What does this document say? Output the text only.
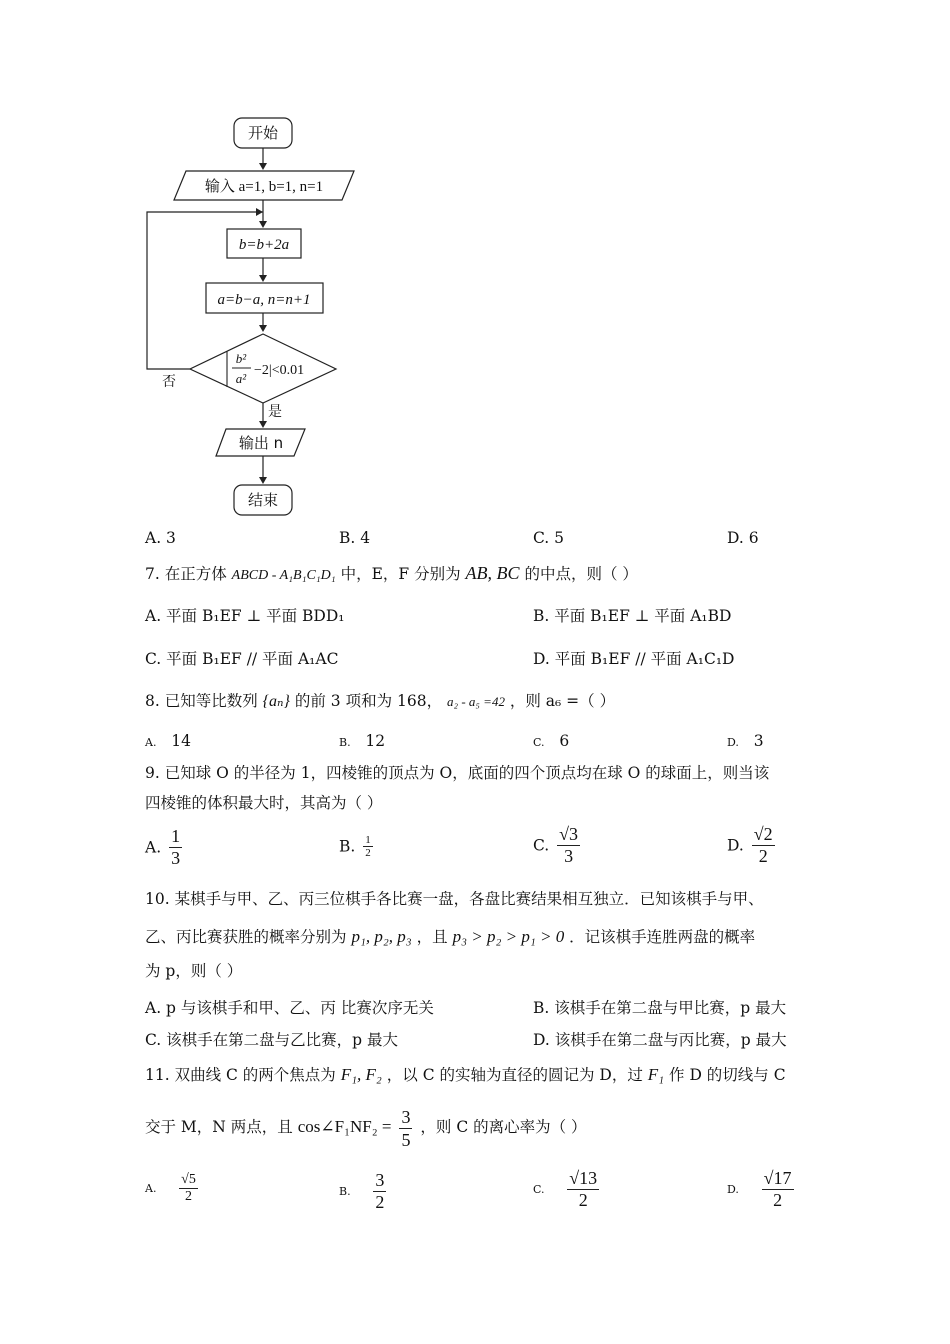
开始
输入 a=1, b=1, n=1
b=b+2a
a=b−a, n=n+1
b²
a²
−2|<0.01
否
是
输出 n
结束
A. 3	B. 4	C. 5	D. 6
7. 在正方体 ABCD - A₁B₁C₁D₁ 中，E，F 分别为 AB, BC 的中点，则（ ）
A. 平面 B₁EF ⊥ 平面 BDD₁	B. 平面 B₁EF ⊥ 平面 A₁BD
C. 平面 B₁EF // 平面 A₁AC	D. 平面 B₁EF // 平面 A₁C₁D
8. 已知等比数列 {aₙ} 的前 3 项和为 168， a₂ - a₅ =42 ，则 a₆ =（ ）
A. 14	B. 12	C. 6	D. 3
9. 已知球 O 的半径为 1，四棱锥的顶点为 O，底面的四个顶点均在球 O 的球面上，则当该
四棱锥的体积最大时，其高为（ ）
A. $\frac{1}{3}$	B. $\frac{1}{2}$	C. $\frac{√3}{3}$	D. $\frac{√2}{2}$
10. 某棋手与甲、乙、丙三位棋手各比赛一盘，各盘比赛结果相互独立．已知该棋手与甲、
乙、丙比赛获胜的概率分别为 p₁, p₂, p₃ ，且 p₃ > p₂ > p₁ > 0 ．记该棋手连胜两盘的概率
为 p，则（ ）
A. p 与该棋手和甲、乙、丙 比赛次序无关	B. 该棋手在第二盘与甲比赛，p 最大
C. 该棋手在第二盘与乙比赛，p 最大	D. 该棋手在第二盘与丙比赛，p 最大
11. 双曲线 C 的两个焦点为 F₁, F₂ ，以 C 的实轴为直径的圆记为 D，过 F₁ 作 D 的切线与 C
交于 M，N 两点，且 cos∠F₁NF₂ = $\frac{3}{5}$ ，则 C 的离心率为（ ）
A. $\frac{√5}{2}$	B. $\frac{3}{2}$	C. $\frac{√13}{2}$	D. $\frac{√17}{2}$
